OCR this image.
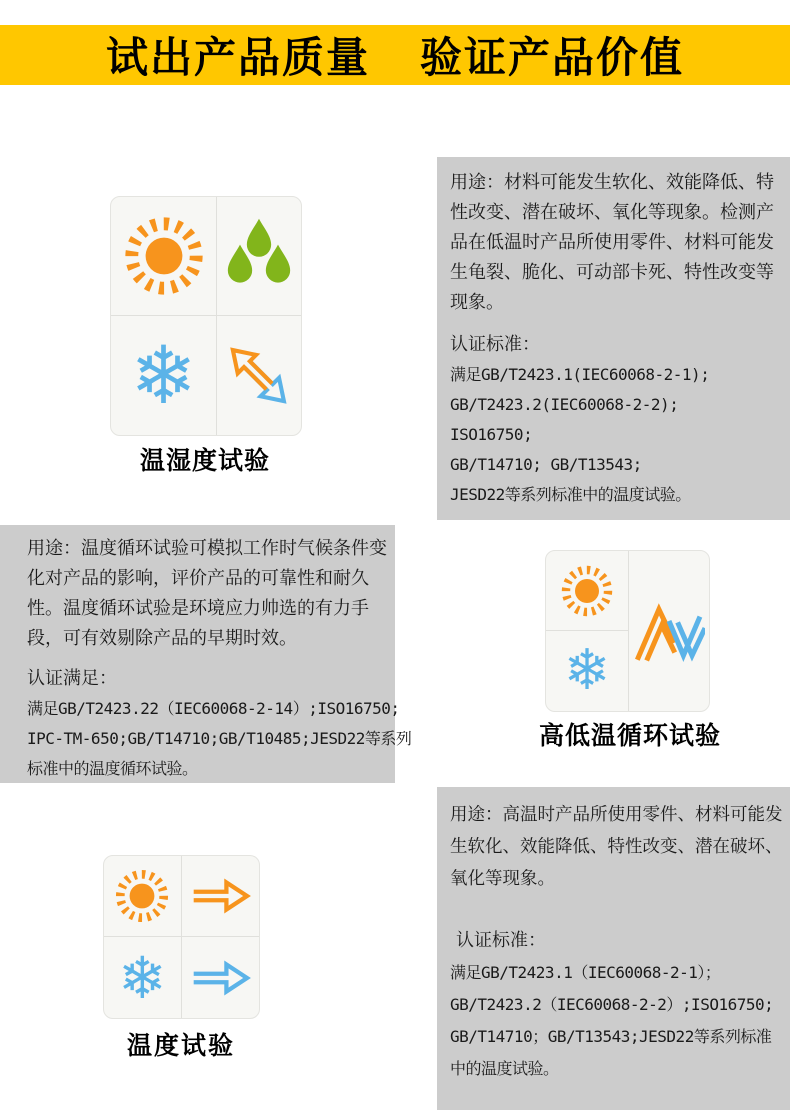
试出产品质量 验证产品价值
❄
温湿度试验

用途：材料可能发生软化、效能降低、特性改变、潜在破坏、氧化等现象。检测产品在低温时产品所使用零件、材料可能发生龟裂、脆化、可动部卡死、特性改变等现象。

认证标准：
满足GB/T2423.1(IEC60068-2-1);
GB/T2423.2(IEC60068-2-2);
ISO16750;
GB/T14710; GB/T13543;
JESD22等系列标准中的温度试验。

用途：温度循环试验可模拟工作时气候条件变化对产品的影响，评价产品的可靠性和耐久性。温度循环试验是环境应力帅选的有力手段，可有效剔除产品的早期时效。

认证满足：
满足GB/T2423.22（IEC60068-2-14）;ISO16750;
IPC-TM-650;GB/T14710;GB/T10485;JESD22等系列
标准中的温度循环试验。
❄
高低温循环试验

用途：高温时产品所使用零件、材料可能发生软化、效能降低、特性改变、潜在破坏、氧化等现象。

认证标准：
满足GB/T2423.1（IEC60068-2-1）；
GB/T2423.2（IEC60068-2-2）;ISO16750;
GB/T14710；GB/T13543;JESD22等系列标准
中的温度试验。
❄
温度试验
